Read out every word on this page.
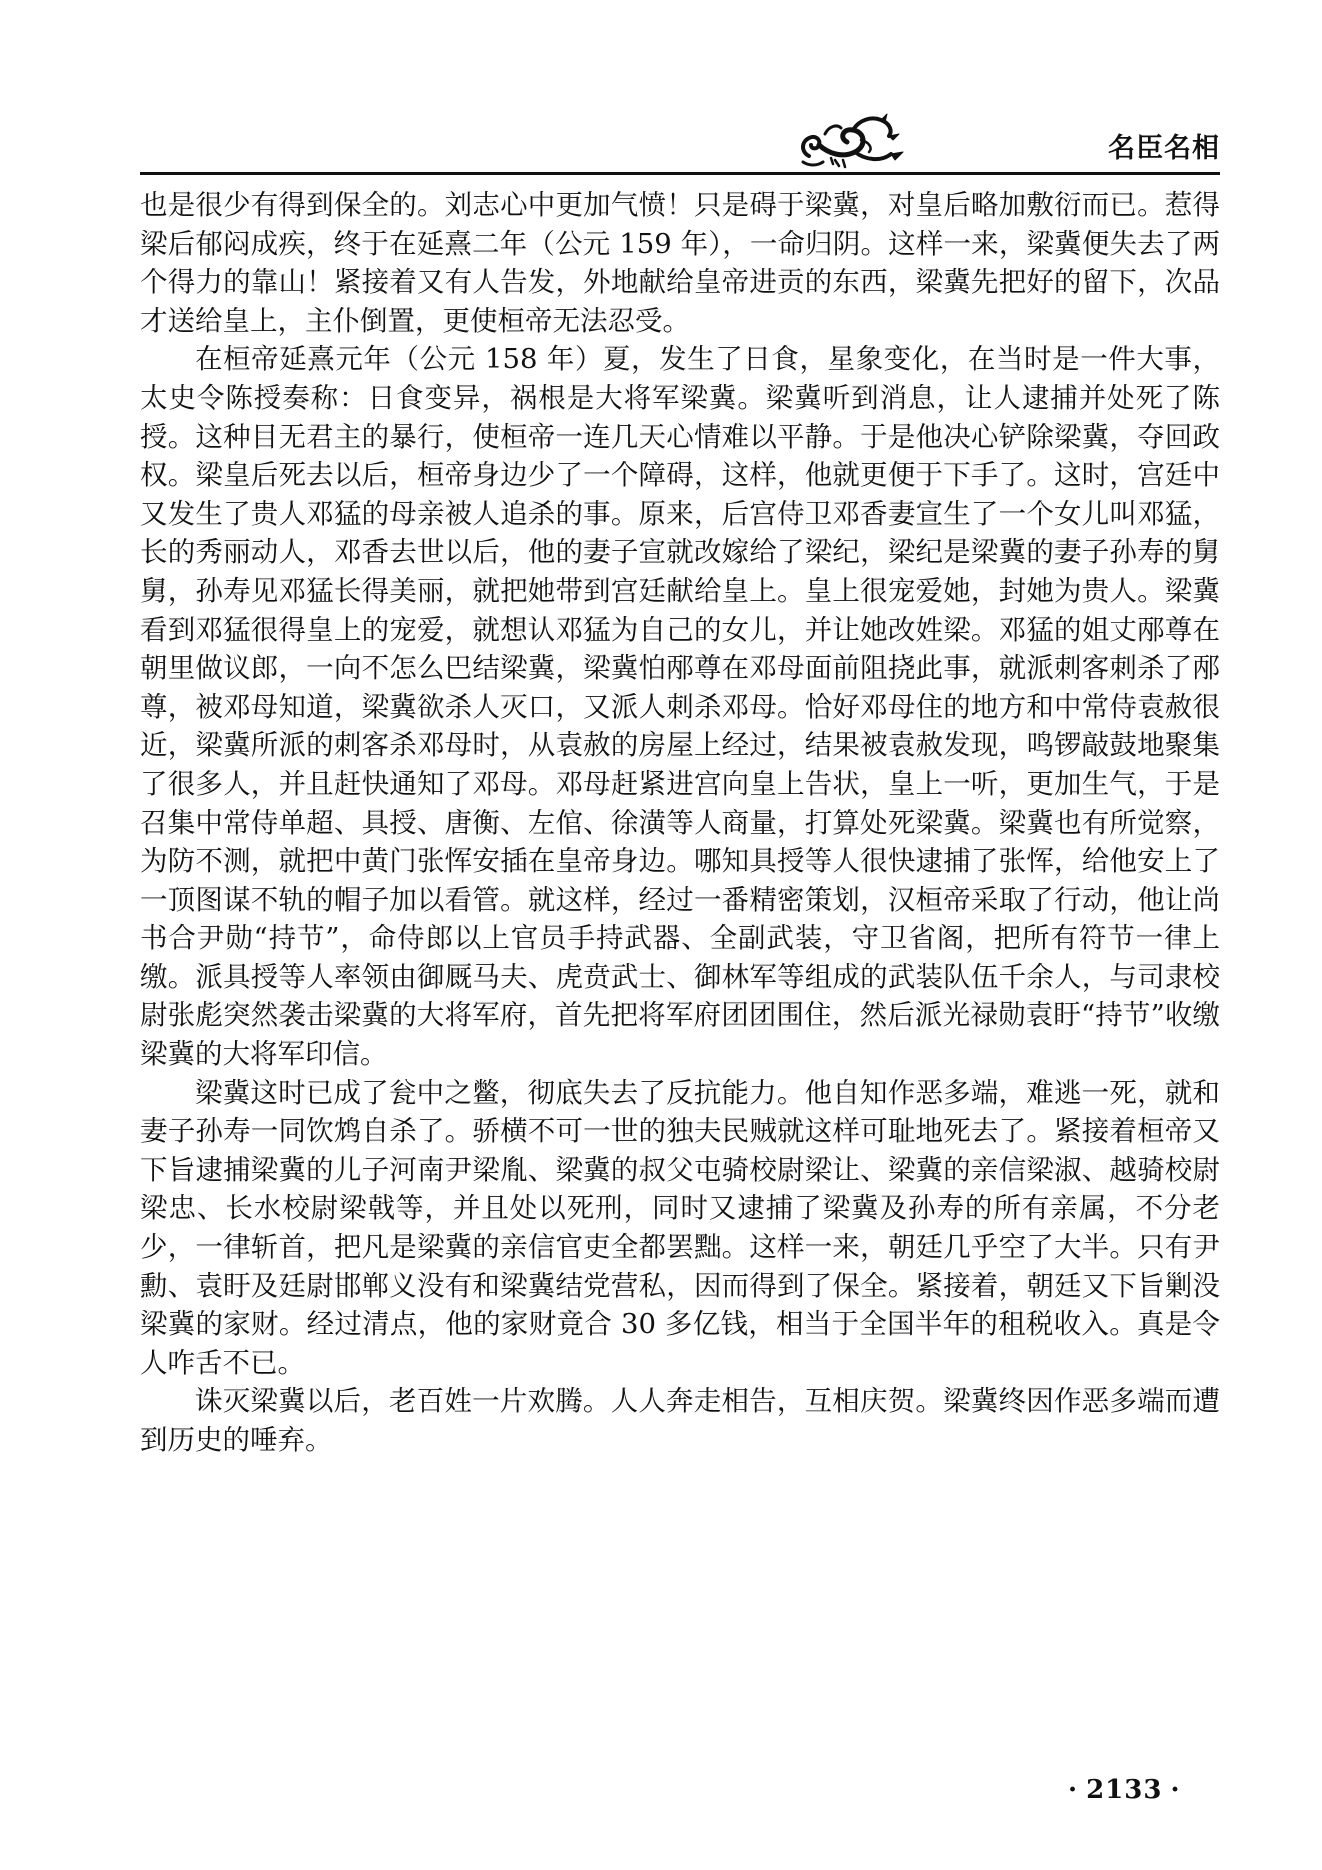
名臣名相

也是很少有得到保全的。刘志心中更加气愤！只是碍于梁冀，对皇后略加敷衍而已。惹得梁后郁闷成疾，终于在延熹二年（公元 159 年），一命归阴。这样一来，梁冀便失去了两个得力的靠山！紧接着又有人告发，外地献给皇帝进贡的东西，梁冀先把好的留下，次品才送给皇上，主仆倒置，更使桓帝无法忍受。

在桓帝延熹元年（公元 158 年）夏，发生了日食，星象变化，在当时是一件大事，太史令陈授奏称：日食变异，祸根是大将军梁冀。梁冀听到消息，让人逮捕并处死了陈授。这种目无君主的暴行，使桓帝一连几天心情难以平静。于是他决心铲除梁冀，夺回政权。梁皇后死去以后，桓帝身边少了一个障碍，这样，他就更便于下手了。这时，宫廷中又发生了贵人邓猛的母亲被人追杀的事。原来，后宫侍卫邓香妻宣生了一个女儿叫邓猛，长的秀丽动人，邓香去世以后，他的妻子宣就改嫁给了梁纪，梁纪是梁冀的妻子孙寿的舅舅，孙寿见邓猛长得美丽，就把她带到宫廷献给皇上。皇上很宠爱她，封她为贵人。梁冀看到邓猛很得皇上的宠爱，就想认邓猛为自己的女儿，并让她改姓梁。邓猛的姐丈邴尊在朝里做议郎，一向不怎么巴结梁冀，梁冀怕邴尊在邓母面前阻挠此事，就派刺客刺杀了邴尊，被邓母知道，梁冀欲杀人灭口，又派人刺杀邓母。恰好邓母住的地方和中常侍袁赦很近，梁冀所派的刺客杀邓母时，从袁赦的房屋上经过，结果被袁赦发现，鸣锣敲鼓地聚集了很多人，并且赶快通知了邓母。邓母赶紧进宫向皇上告状，皇上一听，更加生气，于是召集中常侍单超、具授、唐衡、左倌、徐潢等人商量，打算处死梁冀。梁冀也有所觉察，为防不测，就把中黄门张恽安插在皇帝身边。哪知具授等人很快逮捕了张恽，给他安上了一顶图谋不轨的帽子加以看管。就这样，经过一番精密策划，汉桓帝采取了行动，他让尚书合尹勋“持节”，命侍郎以上官员手持武器、全副武装，守卫省阁，把所有符节一律上缴。派具授等人率领由御厩马夫、虎贲武士、御林军等组成的武装队伍千余人，与司隶校尉张彪突然袭击梁冀的大将军府，首先把将军府团团围住，然后派光禄勋袁盱“持节”收缴梁冀的大将军印信。

梁冀这时已成了瓮中之鳖，彻底失去了反抗能力。他自知作恶多端，难逃一死，就和妻子孙寿一同饮鸩自杀了。骄横不可一世的独夫民贼就这样可耻地死去了。紧接着桓帝又下旨逮捕梁冀的儿子河南尹梁胤、梁冀的叔父屯骑校尉梁让、梁冀的亲信梁淑、越骑校尉梁忠、长水校尉梁戟等，并且处以死刑，同时又逮捕了梁冀及孙寿的所有亲属，不分老少，一律斩首，把凡是梁冀的亲信官吏全都罢黜。这样一来，朝廷几乎空了大半。只有尹勳、袁盱及廷尉邯郸义没有和梁冀结党营私，因而得到了保全。紧接着，朝廷又下旨剿没梁冀的家财。经过清点，他的家财竟合 30 多亿钱，相当于全国半年的租税收入。真是令人咋舌不已。

诛灭梁冀以后，老百姓一片欢腾。人人奔走相告，互相庆贺。梁冀终因作恶多端而遭到历史的唾弃。

· 2133 ·
